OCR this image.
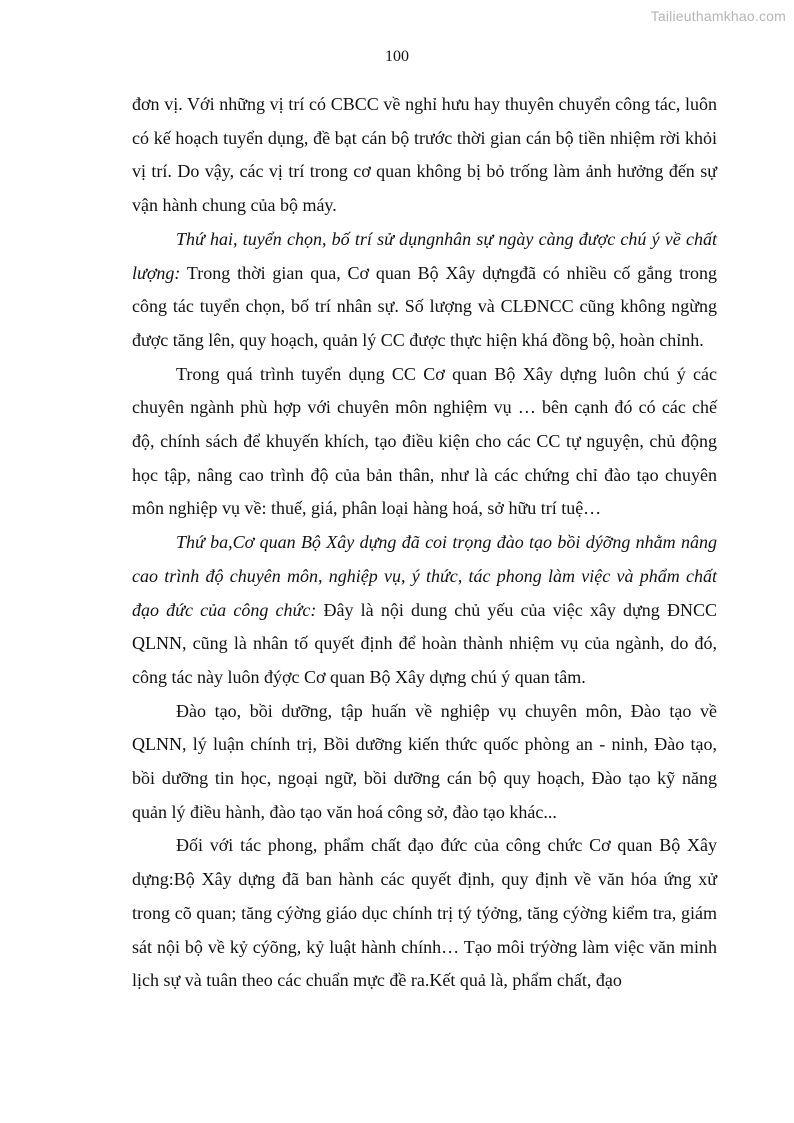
Tailieuthamkhao.com
100

đơn vị. Với những vị trí có CBCC về nghỉ hưu hay thuyên chuyển công tác, luôn có kế hoạch tuyển dụng, đề bạt cán bộ trước thời gian cán bộ tiền nhiệm rời khỏi vị trí. Do vậy, các vị trí trong cơ quan không bị bỏ trống làm ảnh hưởng đến sự vận hành chung của bộ máy.

Thứ hai, tuyển chọn, bố trí sử dụngnhân sự ngày càng được chú ý về chất lượng: Trong thời gian qua, Cơ quan Bộ Xây dựngđã có nhiều cố gắng trong công tác tuyển chọn, bố trí nhân sự. Số lượng và CLĐNCC cũng không ngừng được tăng lên, quy hoạch, quản lý CC được thực hiện khá đồng bộ, hoàn chỉnh.

Trong quá trình tuyển dụng CC Cơ quan Bộ Xây dựng luôn chú ý các chuyên ngành phù hợp với chuyên môn nghiệm vụ … bên cạnh đó có các chế độ, chính sách để khuyến khích, tạo điều kiện cho các CC tự nguyện, chủ động học tập, nâng cao trình độ của bản thân, như là các chứng chỉ đào tạo chuyên môn nghiệp vụ về: thuế, giá, phân loại hàng hoá, sở hữu trí tuệ…

Thứ ba,Cơ quan Bộ Xây dựng đã coi trọng đào tạo bồi dýỡng nhằm nâng cao trình độ chuyên môn, nghiệp vụ, ý thức, tác phong làm việc và phẩm chất đạo đức của công chức: Đây là nội dung chủ yếu của việc xây dựng ĐNCC QLNN, cũng là nhân tố quyết định để hoàn thành nhiệm vụ của ngành, do đó, công tác này luôn đýợc Cơ quan Bộ Xây dựng chú ý quan tâm.

Đào tạo, bồi dưỡng, tập huấn về nghiệp vụ chuyên môn, Đào tạo về QLNN, lý luận chính trị, Bồi dưỡng kiến thức quốc phòng an - ninh, Đào tạo, bồi dưỡng tin học, ngoại ngữ, bồi dưỡng cán bộ quy hoạch, Đào tạo kỹ năng quản lý điều hành, đào tạo văn hoá công sở, đào tạo khác...

Đối với tác phong, phẩm chất đạo đức của công chức Cơ quan Bộ Xây dựng:Bộ Xây dựng đã ban hành các quyết định, quy định về văn hóa ứng xử trong cõ quan; tăng cýờng giáo dục chính trị tý týởng, tăng cýờng kiểm tra, giám sát nội bộ về kỷ cýõng, kỷ luật hành chính… Tạo môi trýờng làm việc văn minh lịch sự và tuân theo các chuẩn mực đề ra.Kết quả là, phẩm chất, đạo
